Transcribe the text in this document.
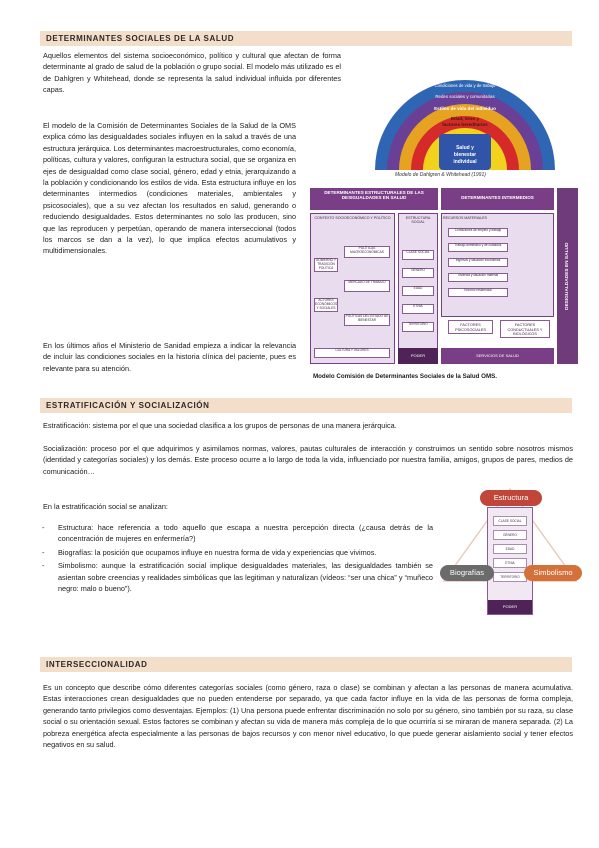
DETERMINANTES SOCIALES DE LA SALUD
Aquellos elementos del sistema socioeconómico, político y cultural que afectan de forma determinante al grado de salud de la población o grupo social. El modelo más utilizado es el de Dahlgren y Whitehead, donde se representa la salud individual influida por diferentes capas.
El modelo de la Comisión de Determinantes Sociales de la Salud de la OMS explica cómo las desigualdades sociales influyen en la salud a través de una estructura jerárquica. Los determinantes macroestructurales, como economía, políticas, cultura y valores, configuran la estructura social, que se organiza en ejes de desigualdad como clase social, género, edad y etnia, jerarquizando a la población y condicionando los estilos de vida. Esta estructura influye en los determinantes intermedios (condiciones materiales, ambientales y psicosociales), que a su vez afectan los resultados en salud, generando o reduciendo desigualdades. Estos determinantes no solo las producen, sino que las reproducen y perpetúan, operando de manera interseccional (todos los marcos se dan a la vez), lo que implica efectos acumulativos y multidimensionales.
En los últimos años el Ministerio de Sanidad empieza a indicar la relevancia de incluir las condiciones sociales en la historia clínica del paciente, pues es relevante para su atención.
Salud y
bienestar
individual
Edad, sexo y
factores hereditarios
Estilos de vida del individuo
Redes sociales y comunitarias
Condiciones de vida y de trabajo
Condiciones socioeconómicas, culturales
Modelo de Dahlgren & Whitehead (1991)
DETERMINANTES ESTRUCTURALES DE LAS DESIGUALDADES EN SALUD	DETERMINANTES INTERMEDIOS
DESIGUALDADES EN SALUD
CONTEXTO SOCIOECONÓMICO Y POLÍTICO
GOBIERNO Y TRADICIÓN POLÍTICA
ACTORES ECONÓMICOS Y SOCIALES
POLÍTICAS MACROECONÓMICAS
MERCADO DE TRABAJO
POLÍTICAS DEL ESTADO DE BIENESTAR
CULTURA Y VALORES
ESTRUCTURA SOCIAL
CLASE SOCIAL
GÉNERO
EDAD
ETNIA
TERRITORIO
PODER
RECURSOS MATERIALES
Condiciones de empleo y trabajo
Trabajo doméstico y de cuidados
Ingresos y situación económica
Vivienda y situación material
Entorno residencial
FACTORES PSICOSOCIALES
FACTORES CONDUCTUALES Y BIOLÓGICOS
SERVICIOS DE SALUD
Modelo Comisión de Determinantes Sociales de la Salud OMS.
ESTRATIFICACIÓN Y SOCIALIZACIÓN
Estratificación: sistema por el que una sociedad clasifica a los grupos de personas de una manera jerárquica.
Socialización: proceso por el que adquirimos y asimilamos normas, valores, pautas culturales de interacción y construimos un sentido sobre nosotros mismos (identidad y categorías sociales) y los demás. Este proceso ocurre a lo largo de toda la vida, influenciado por nuestra familia, amigos, grupos de pares, medios de comunicación…
En la estratificación social se analizan:
- Estructura: hace referencia a todo aquello que escapa a nuestra percepción directa (¿causa detrás de la concentración de mujeres en enfermería?)
- Biografías: la posición que ocupamos influye en nuestra forma de vida y experiencias que vivimos.
- Simbolismo: aunque la estratificación social implique desigualdades materiales, las desigualdades también se asientan sobre creencias y realidades simbólicas que las legitiman y naturalizan (vídeos: “ser una chica” y “muñeco negro: malo o bueno”).
Estructura
CLASE SOCIAL
GÉNERO
EDAD
ETNIA
TERRITORIO
PODER
Biografías	Simbolismo
INTERSECCIONALIDAD
Es un concepto que describe cómo diferentes categorías sociales (como género, raza o clase) se combinan y afectan a las personas de manera acumulativa. Estas interacciones crean desigualdades que no pueden entenderse por separado, ya que cada factor influye en la vida de las personas de forma compleja, generando tanto privilegios como desventajas. Ejemplos: (1) Una persona puede enfrentar discriminación no solo por su género, sino también por su raza, su clase social o su orientación sexual. Estos factores se combinan y afectan su vida de manera más compleja de lo que ocurriría si se miraran de manera separada. (2) La pobreza energética afecta especialmente a las personas de bajos recursos y con menor nivel educativo, lo que puede generar aislamiento social y tener efectos negativos en su salud.
